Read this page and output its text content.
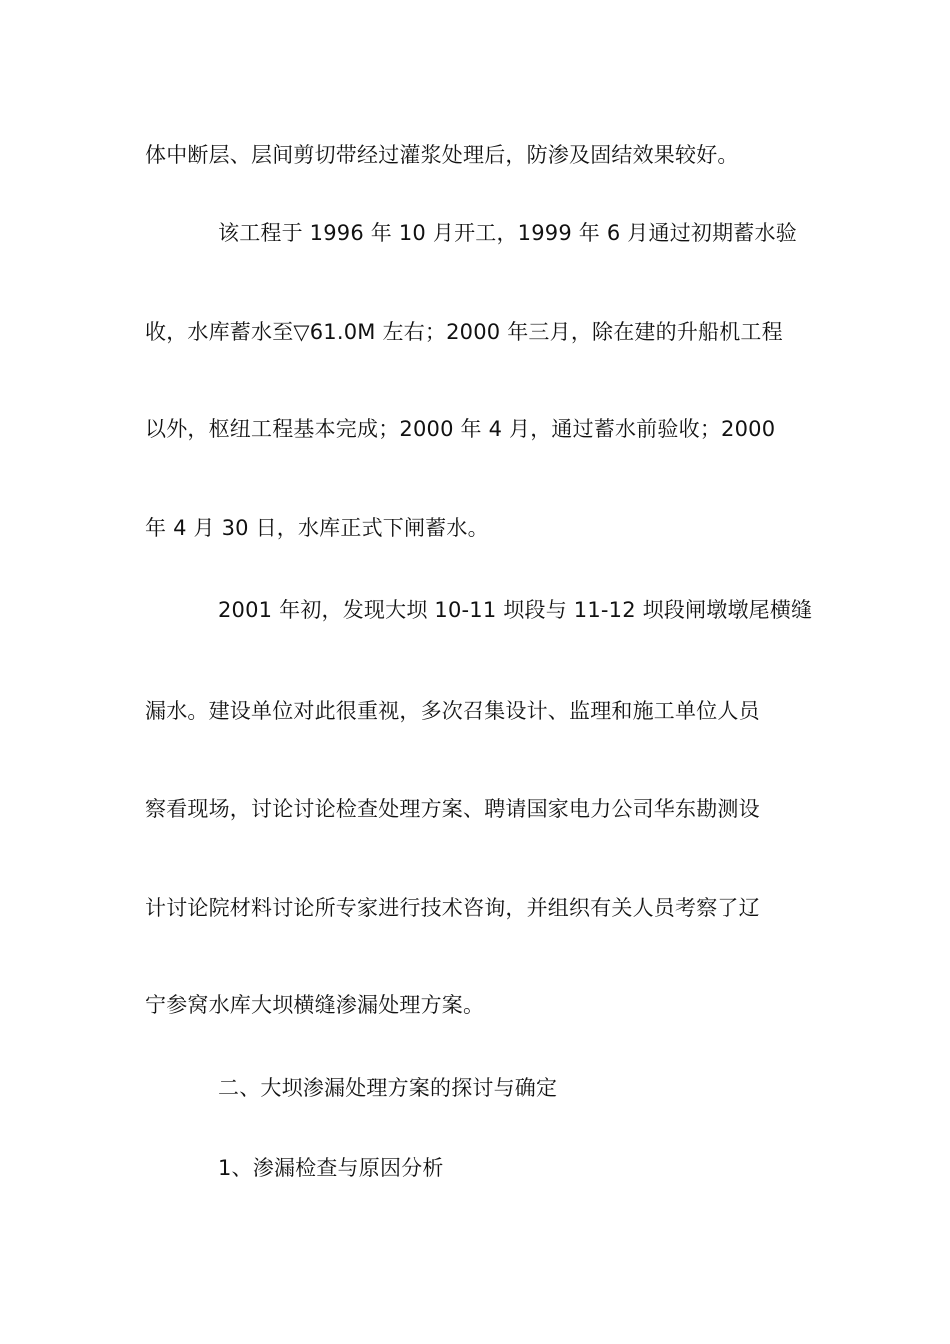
体中断层、层间剪切带经过灌浆处理后，防渗及固结效果较好。
该工程于 1996 年 10 月开工，1999 年 6 月通过初期蓄水验
收，水库蓄水至▽61.0M 左右；2000 年三月，除在建的升船机工程
以外，枢纽工程基本完成；2000 年 4 月，通过蓄水前验收；2000
年 4 月 30 日，水库正式下闸蓄水。
2001 年初，发现大坝 10-11 坝段与 11-12 坝段闸墩墩尾横缝
漏水。建设单位对此很重视，多次召集设计、监理和施工单位人员
察看现场，讨论讨论检查处理方案、聘请国家电力公司华东勘测设
计讨论院材料讨论所专家进行技术咨询，并组织有关人员考察了辽
宁参窝水库大坝横缝渗漏处理方案。
二、大坝渗漏处理方案的探讨与确定
1、渗漏检查与原因分析
